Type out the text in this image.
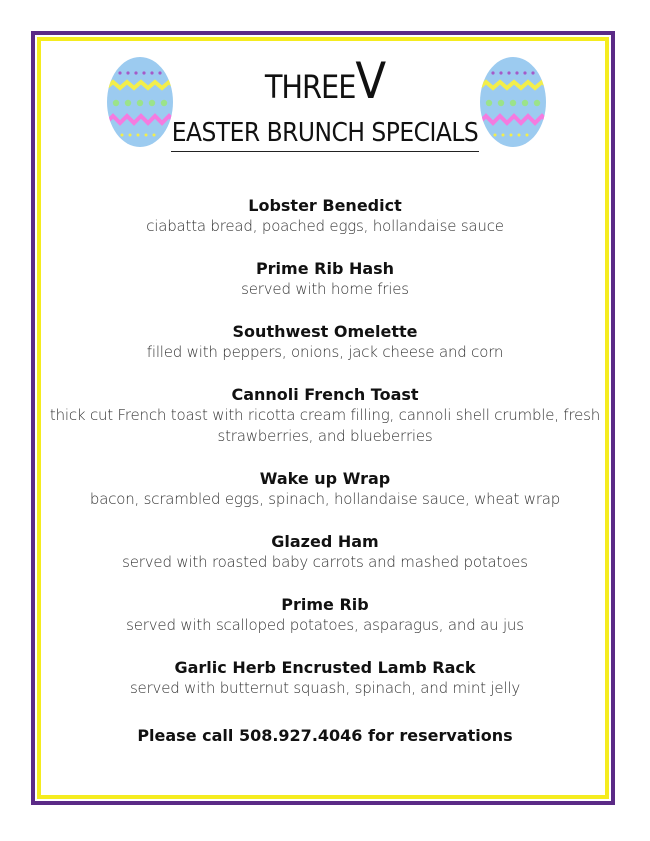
THREEV
EASTER BRUNCH SPECIALS
Lobster Benedict
ciabatta bread, poached eggs, hollandaise sauce
Prime Rib Hash
served with home fries
Southwest Omelette
filled with peppers, onions, jack cheese and corn
Cannoli French Toast
thick cut French toast with ricotta cream filling, cannoli shell crumble, fresh strawberries, and blueberries
Wake up Wrap
bacon, scrambled eggs, spinach, hollandaise sauce, wheat wrap
Glazed Ham
served with roasted baby carrots and mashed potatoes
Prime Rib
served with scalloped potatoes, asparagus, and au jus
Garlic Herb Encrusted Lamb Rack
served with butternut squash, spinach, and mint jelly
Please call 508.927.4046 for reservations
